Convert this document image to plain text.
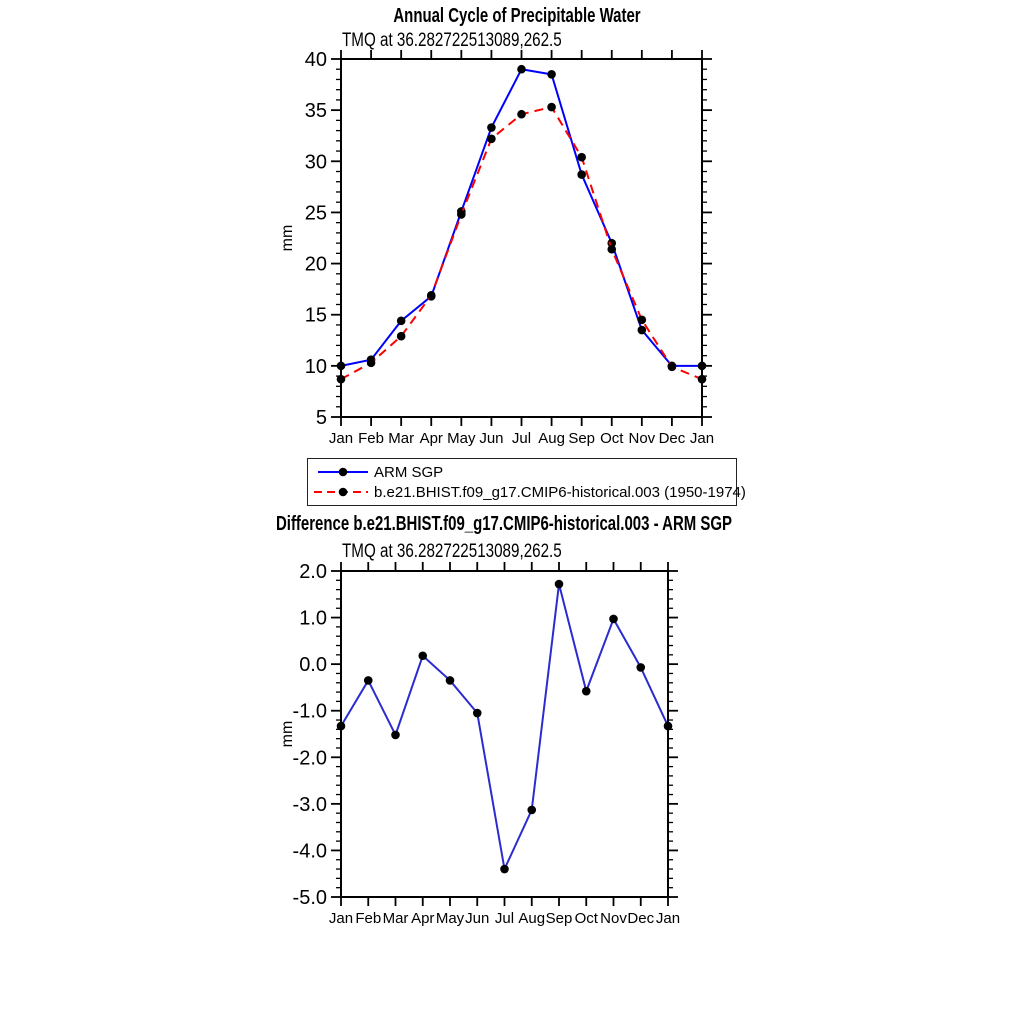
Annual Cycle of Precipitable Water
TMQ at 36.282722513089,262.5
mm
Jan Feb Mar Apr May Jun Jul Aug Sep Oct Nov Dec Jan
5
10
15
20
25
30
35
40
ARM SGP
b.e21.BHIST.f09_g17.CMIP6-historical.003 (1950-1974)
Difference b.e21.BHIST.f09_g17.CMIP6-historical.003 - ARM SGP
TMQ at 36.282722513089,262.5
mm
Jan Feb Mar Apr May Jun Jul Aug Sep Oct Nov Dec Jan
-5.0
-4.0
-3.0
-2.0
-1.0
0.0
1.0
2.0
